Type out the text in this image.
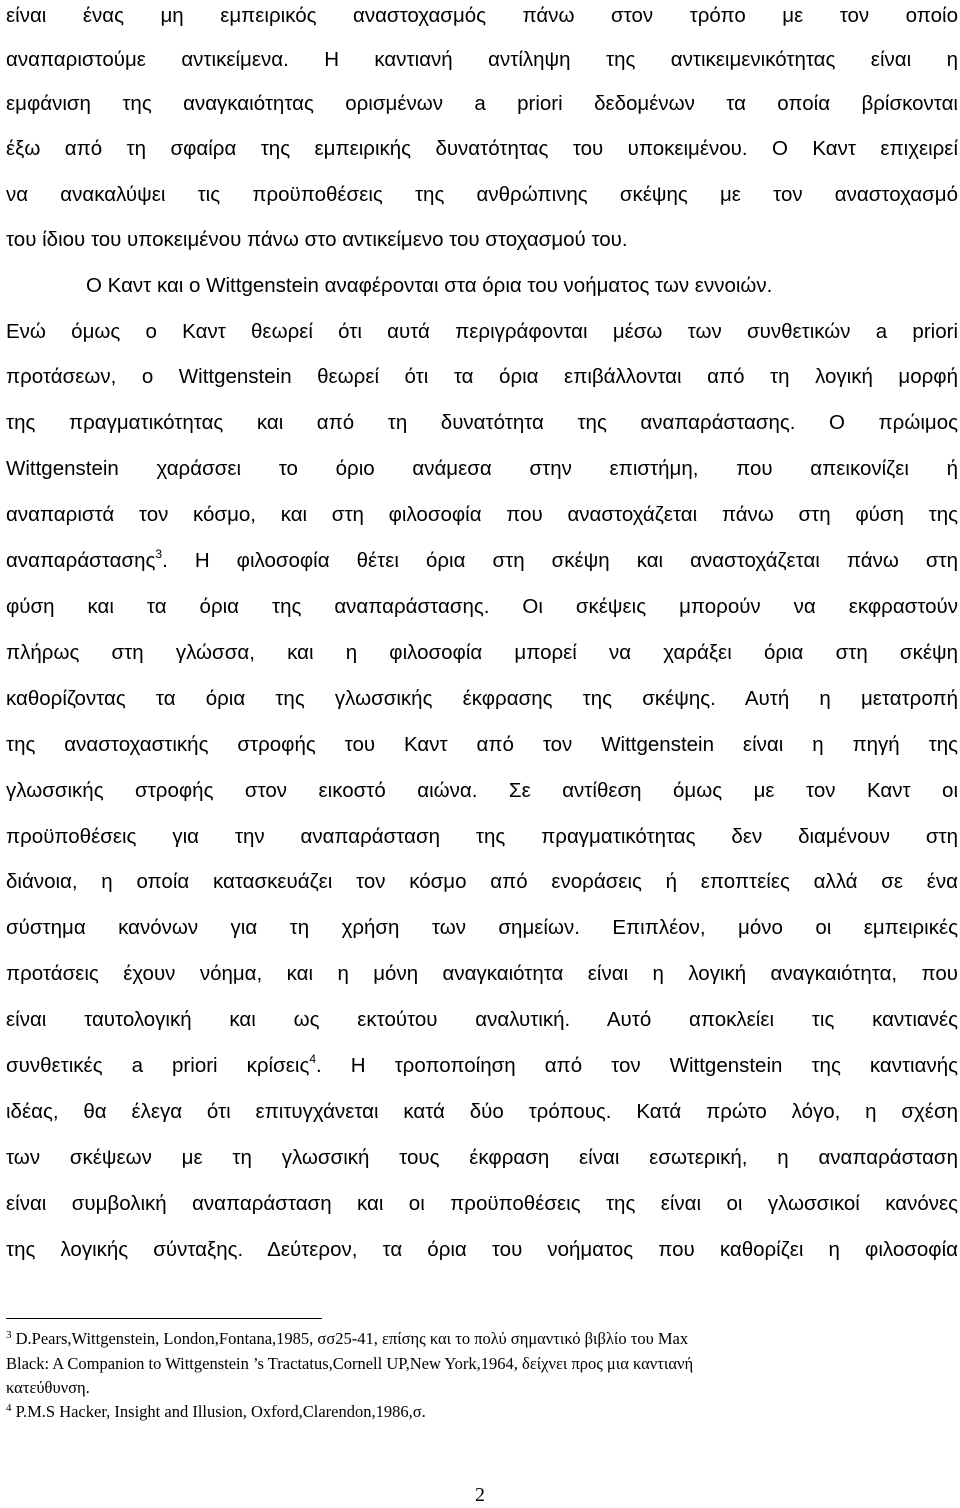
είναι ένας μη εμπειρικός αναστοχασμός πάνω στον τρόπο με τον οποίο
αναπαριστούμε αντικείμενα. Η καντιανή αντίληψη της αντικειμενικότητας είναι η
εμφάνιση της αναγκαιότητας ορισμένων a priori δεδομένων τα οποία βρίσκονται
έξω από τη σφαίρα της εμπειρικής δυνατότητας του υποκειμένου. Ο Καντ επιχειρεί
να ανακαλύψει τις προϋποθέσεις της ανθρώπινης σκέψης με τον αναστοχασμό
του ίδιου του υποκειμένου πάνω στο αντικείμενο του στοχασμού του.
Ο Καντ και ο Wittgenstein αναφέρονται στα όρια του νοήματος των εννοιών.
Ενώ όμως ο Καντ θεωρεί ότι αυτά περιγράφονται μέσω των συνθετικών a priori
προτάσεων, ο Wittgenstein θεωρεί ότι τα όρια επιβάλλονται από τη λογική μορφή
της πραγματικότητας και από τη δυνατότητα της αναπαράστασης. Ο πρώιμος
Wittgenstein χαράσσει το όριο ανάμεσα στην επιστήμη, που απεικονίζει ή
αναπαριστά τον κόσμο, και στη φιλοσοφία που αναστοχάζεται πάνω στη φύση της
αναπαράστασης$^3$. Η φιλοσοφία θέτει όρια στη σκέψη και αναστοχάζεται πάνω στη
φύση και τα όρια της αναπαράστασης. Οι σκέψεις μπορούν να εκφραστούν
πλήρως στη γλώσσα, και η φιλοσοφία μπορεί να χαράξει όρια στη σκέψη
καθορίζοντας τα όρια της γλωσσικής έκφρασης της σκέψης. Αυτή η μετατροπή
της αναστοχαστικής στροφής του Καντ από τον Wittgenstein είναι η πηγή της
γλωσσικής στροφής στον εικοστό αιώνα. Σε αντίθεση όμως με τον Καντ οι
προϋποθέσεις για την αναπαράσταση της πραγματικότητας δεν διαμένουν στη
διάνοια, η οποία κατασκευάζει τον κόσμο από ενοράσεις ή εποπτείες αλλά σε ένα
σύστημα κανόνων για τη χρήση των σημείων. Επιπλέον, μόνο οι εμπειρικές
προτάσεις έχουν νόημα, και η μόνη αναγκαιότητα είναι η λογική αναγκαιότητα, που
είναι ταυτολογική και ως εκτούτου αναλυτική. Αυτό αποκλείει τις καντιανές
συνθετικές a priori κρίσεις$^4$. Η τροποποίηση από τον Wittgenstein της καντιανής
ιδέας, θα έλεγα ότι επιτυγχάνεται κατά δύο τρόπους. Κατά πρώτο λόγο, η σχέση
των σκέψεων με τη γλωσσική τους έκφραση είναι εσωτερική, η αναπαράσταση
είναι συμβολική αναπαράσταση και οι προϋποθέσεις της είναι οι γλωσσικοί κανόνες
της λογικής σύνταξης. Δεύτερον, τα όρια του νοήματος που καθορίζει η φιλοσοφία
$^3$ D.Pears,Wittgenstein, London,Fontana,1985, σσ25-41, επίσης και το πολύ σημαντικό βιβλίο του Max
Black: A Companion to Wittgenstein ’s Tractatus,Cornell UP,New York,1964, δείχνει προς μια καντιανή
κατεύθυνση.
$^4$ P.M.S Hacker, Insight and Illusion, Oxford,Clarendon,1986,σ.
2
